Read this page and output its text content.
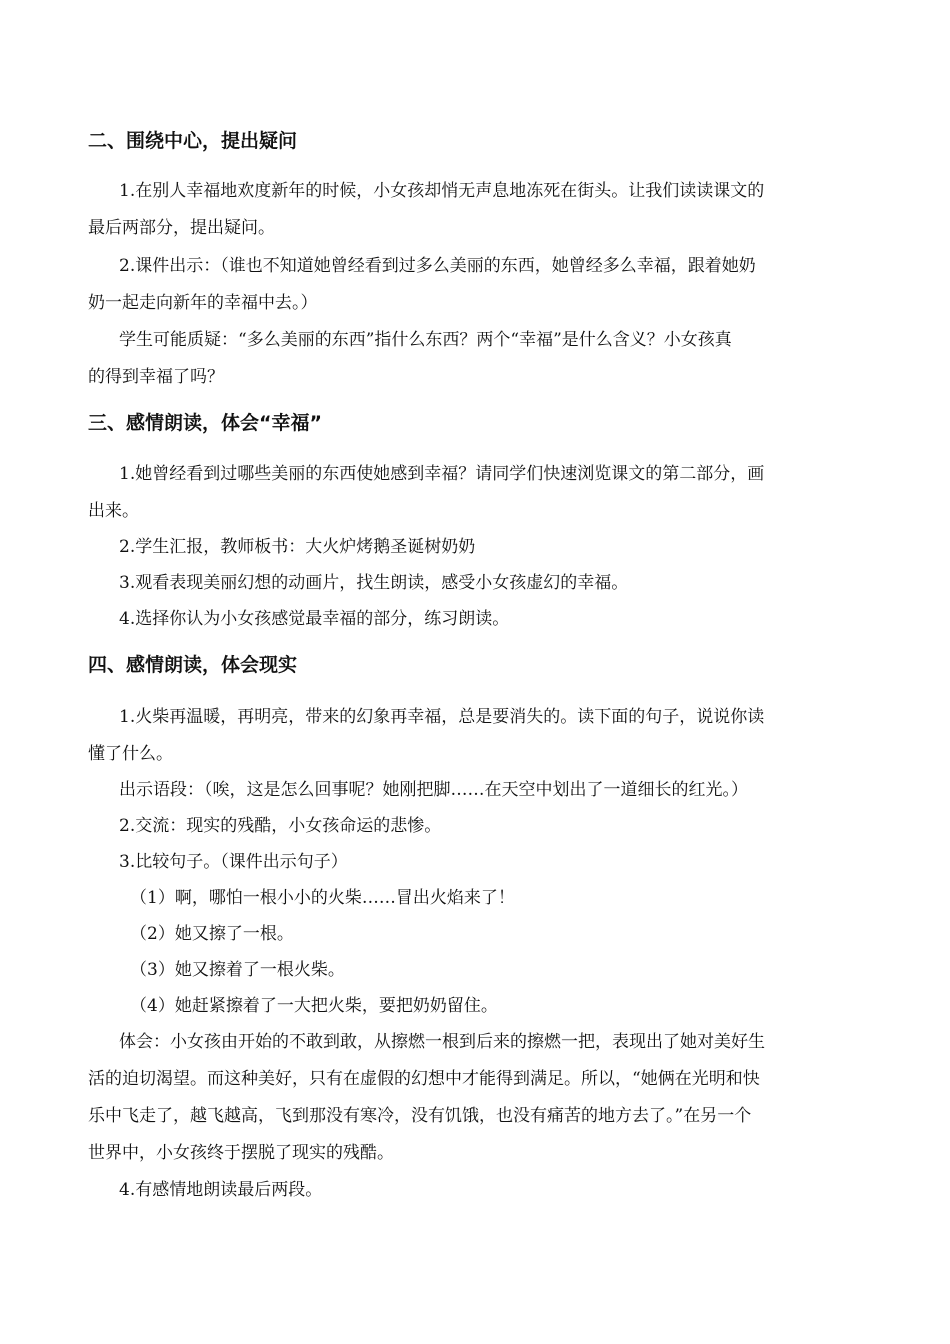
二、围绕中心，提出疑问
1.在别人幸福地欢度新年的时候，小女孩却悄无声息地冻死在街头。让我们读读课文的
最后两部分，提出疑问。
2.课件出示：（谁也不知道她曾经看到过多么美丽的东西，她曾经多么幸福，跟着她奶
奶一起走向新年的幸福中去。）
学生可能质疑：“多么美丽的东西”指什么东西？两个“幸福”是什么含义？小女孩真
的得到幸福了吗？
三、感情朗读，体会“幸福”
1.她曾经看到过哪些美丽的东西使她感到幸福？请同学们快速浏览课文的第二部分，画
出来。
2.学生汇报，教师板书：大火炉烤鹅圣诞树奶奶
3.观看表现美丽幻想的动画片，找生朗读，感受小女孩虚幻的幸福。
4.选择你认为小女孩感觉最幸福的部分，练习朗读。
四、感情朗读，体会现实
1.火柴再温暖，再明亮，带来的幻象再幸福，总是要消失的。读下面的句子，说说你读
懂了什么。
出示语段：（唉，这是怎么回事呢？她刚把脚……在天空中划出了一道细长的红光。）
2.交流：现实的残酷，小女孩命运的悲惨。
3.比较句子。（课件出示句子）
（1）啊，哪怕一根小小的火柴……冒出火焰来了！
（2）她又擦了一根。
（3）她又擦着了一根火柴。
（4）她赶紧擦着了一大把火柴，要把奶奶留住。
体会：小女孩由开始的不敢到敢，从擦燃一根到后来的擦燃一把，表现出了她对美好生
活的迫切渴望。而这种美好，只有在虚假的幻想中才能得到满足。所以，“她俩在光明和快
乐中飞走了，越飞越高，飞到那没有寒冷，没有饥饿，也没有痛苦的地方去了。”在另一个
世界中，小女孩终于摆脱了现实的残酷。
4.有感情地朗读最后两段。
